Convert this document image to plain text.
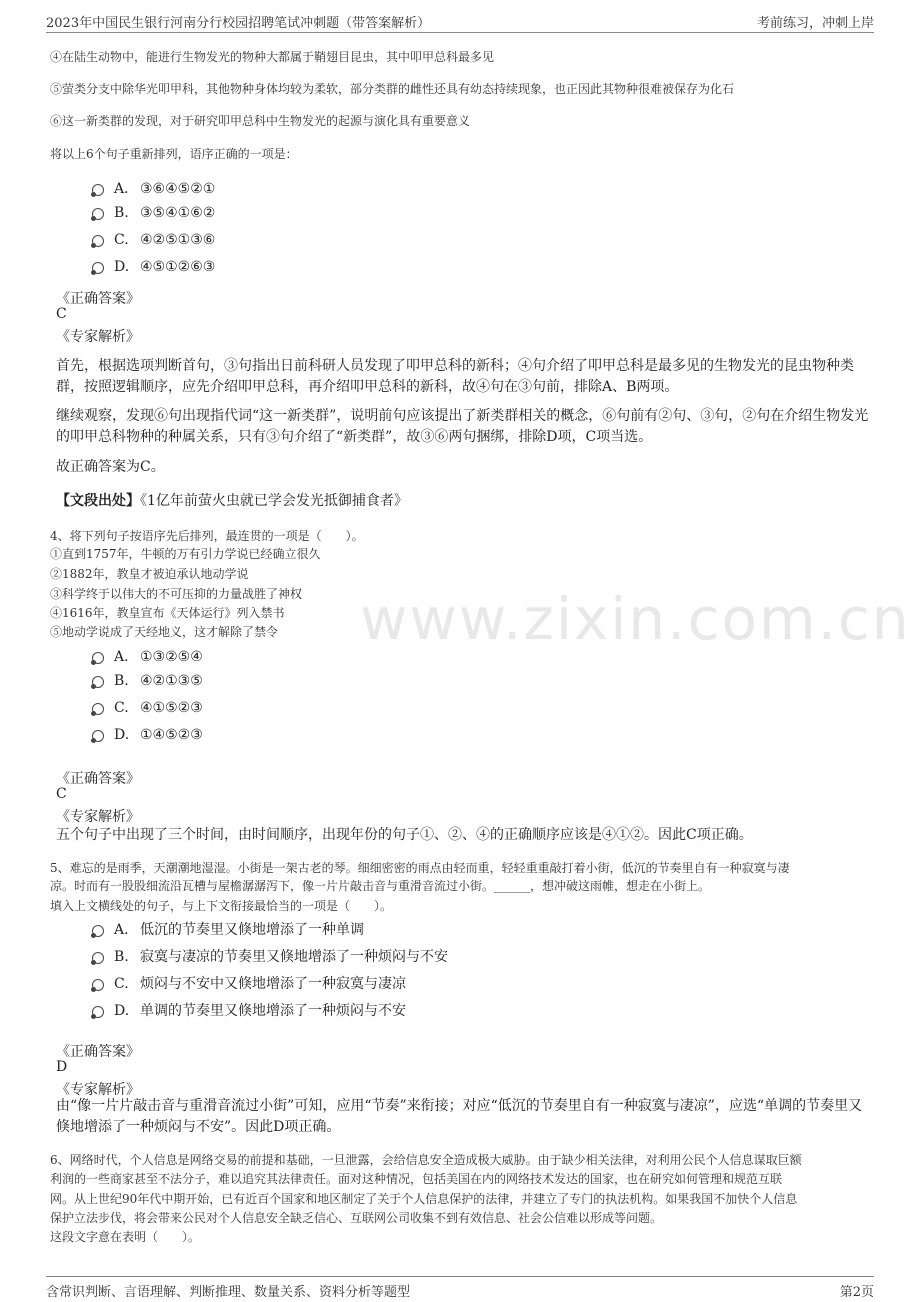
2023年中国民生银行河南分行校园招聘笔试冲刺题（带答案解析）	考前练习，冲刺上岸
www.zixin.com.cn
④在陆生动物中，能进行生物发光的物种大都属于鞘翅目昆虫，其中叩甲总科最多见
⑤萤类分支中除华光叩甲科，其他物种身体均较为柔软，部分类群的雌性还具有幼态持续现象，也正因此其物种很难被保存为化石
⑥这一新类群的发现，对于研究叩甲总科中生物发光的起源与演化具有重要意义
将以上6个句子重新排列，语序正确的一项是：
A． ③⑥④⑤②①
B. ③⑤④①⑥②
C. ④②⑤①③⑥
D. ④⑤①②⑥③
《正确答案》
C
《专家解析》
首先，根据选项判断首句，③句指出日前科研人员发现了叩甲总科的新科；④句介绍了叩甲总科是最多见的生物发光的昆虫物种类群，按照逻辑顺序，应先介绍叩甲总科，再介绍叩甲总科的新科，故④句在③句前，排除A、B两项。
继续观察，发现⑥句出现指代词“这一新类群”，说明前句应该提出了新类群相关的概念，⑥句前有②句、③句，②句在介绍生物发光的叩甲总科物种的种属关系，只有③句介绍了“新类群”，故③⑥两句捆绑，排除D项，C项当选。
故正确答案为C。
【文段出处】《1亿年前萤火虫就已学会发光抵御捕食者》
4、将下列句子按语序先后排列，最连贯的一项是（　　）。
①直到1757年，牛顿的万有引力学说已经确立很久
②1882年，教皇才被迫承认地动学说
③科学终于以伟大的不可压抑的力量战胜了神权
④1616年，教皇宣布《天体运行》列入禁书
⑤地动学说成了天经地义，这才解除了禁令
A． ①③②⑤④
B. ④②①③⑤
C. ④①⑤②③
D. ①④⑤②③
《正确答案》
C
《专家解析》
五个句子中出现了三个时间，由时间顺序，出现年份的句子①、②、④的正确顺序应该是④①②。因此C项正确。
5、难忘的是雨季，天潮潮地湿湿。小街是一架古老的琴。细细密密的雨点由轻而重，轻轻重重敲打着小街，低沉的节奏里自有一种寂寞与凄
凉。时而有一股股细流沿瓦槽与屋檐潺潺泻下，像一片片敲击音与重滑音流过小街。______，想冲破这雨帷，想走在小街上。
填入上文横线处的句子，与上下文衔接最恰当的一项是（　　）。
A． 低沉的节奏里又倏地增添了一种单调
B. 寂寞与凄凉的节奏里又倏地增添了一种烦闷与不安
C. 烦闷与不安中又倏地增添了一种寂寞与凄凉
D. 单调的节奏里又倏地增添了一种烦闷与不安
《正确答案》
D
《专家解析》
由“像一片片敲击音与重滑音流过小街”可知，应用“节奏”来衔接；对应“低沉的节奏里自有一种寂寞与凄凉”，应选“单调的节奏里又倏地增添了一种烦闷与不安”。因此D项正确。
6、网络时代，个人信息是网络交易的前提和基础，一旦泄露，会给信息安全造成极大威胁。由于缺少相关法律，对利用公民个人信息谋取巨额
利润的一些商家甚至不法分子，难以追究其法律责任。面对这种情况，包括美国在内的网络技术发达的国家，也在研究如何管理和规范互联
网。从上世纪90年代中期开始，已有近百个国家和地区制定了关于个人信息保护的法律，并建立了专门的执法机构。如果我国不加快个人信息
保护立法步伐，将会带来公民对个人信息安全缺乏信心、互联网公司收集不到有效信息、社会公信难以形成等问题。
这段文字意在表明（　　）。
含常识判断、言语理解、判断推理、数量关系、资料分析等题型	第2页
